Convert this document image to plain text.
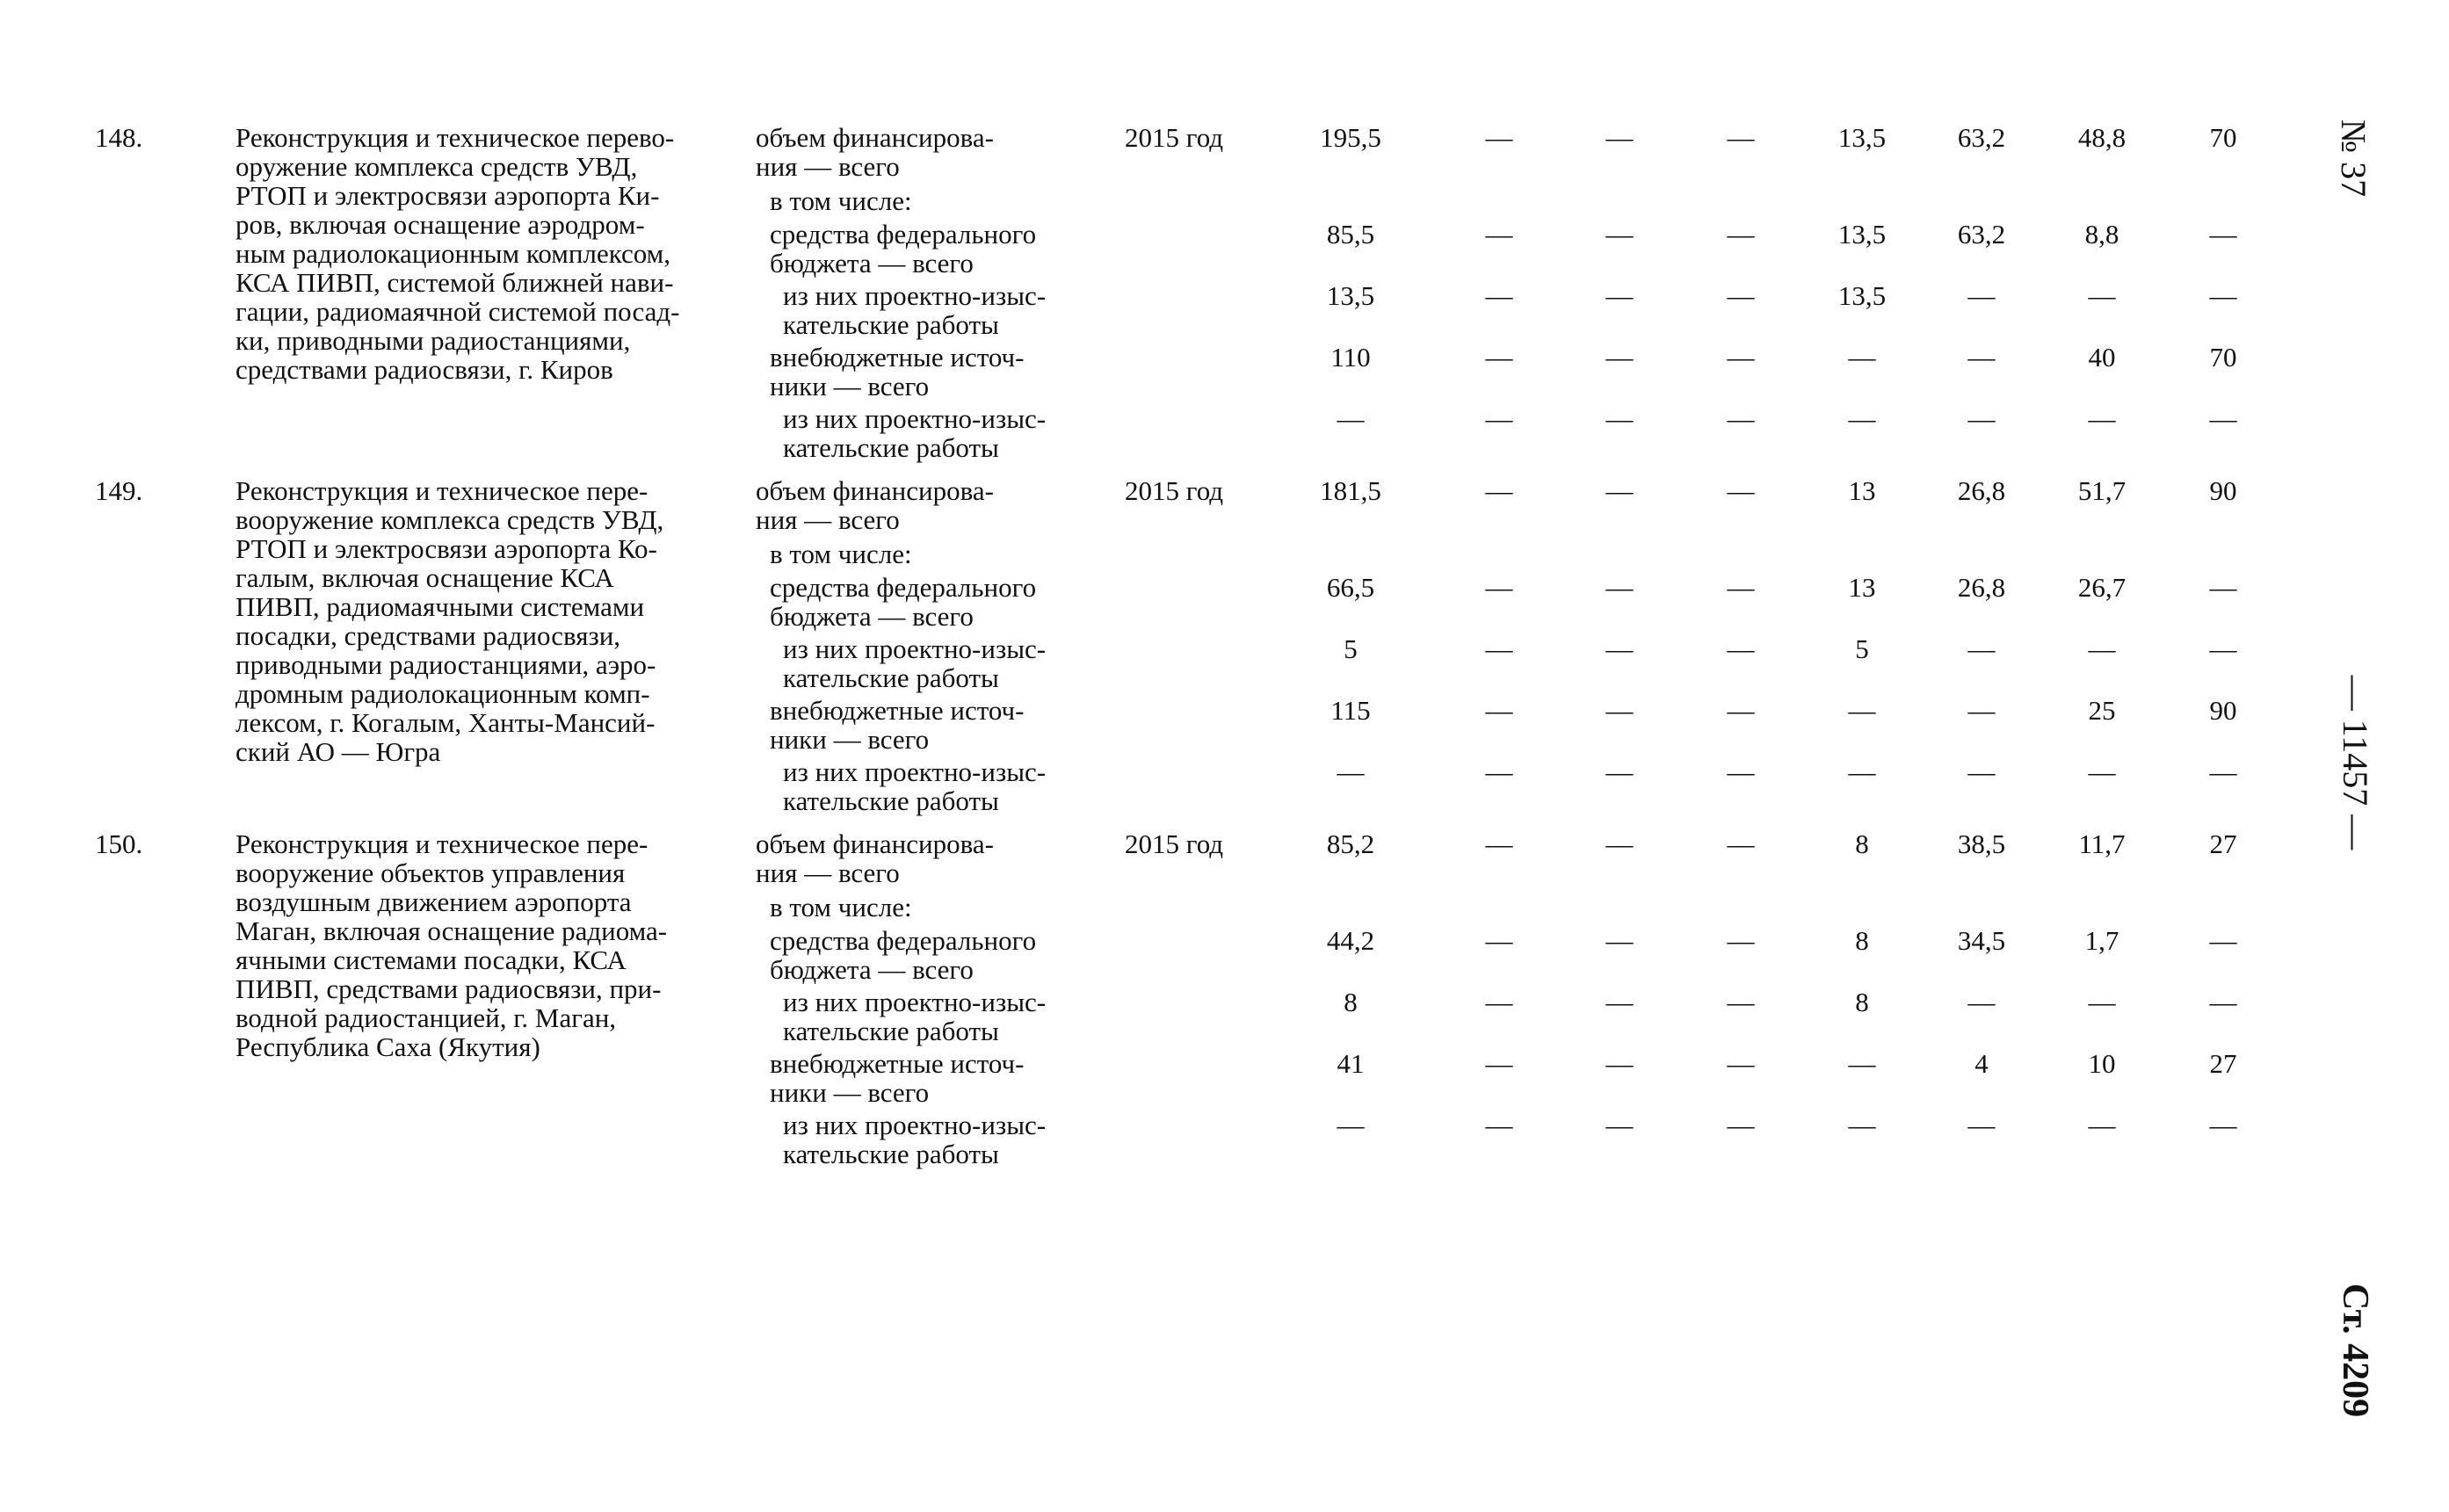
№ 37
— 11457 —
Ст. 4209
148.	Реконструкция и техническое перево-
оружение комплекса средств УВД,
РТОП и электросвязи аэропорта Ки-
ров, включая оснащение аэродром-
ным радиолокационным комплексом,
КСА ПИВП, системой ближней нави-
гации, радиомаячной системой посад-
ки, приводными радиостанциями,
средствами радиосвязи, г. Киров
2015 год
объем финансирова-
ния — всего
195,5	—	—	—	13,5	63,2	48,8	70
в том числе:
средства федерального
бюджета — всего
85,5	—	—	—	13,5	63,2	8,8	—
из них проектно-изыс-
кательские работы
13,5	—	—	—	13,5	—	—	—
внебюджетные источ-
ники — всего
110	—	—	—	—	—	40	70
из них проектно-изыс-
кательские работы
—	—	—	—	—	—	—	—
149.	Реконструкция и техническое пере-
вооружение комплекса средств УВД,
РТОП и электросвязи аэропорта Ко-
галым, включая оснащение КСА
ПИВП, радиомаячными системами
посадки, средствами радиосвязи,
приводными радиостанциями, аэро-
дромным радиолокационным комп-
лексом, г. Когалым, Ханты-Мансий-
ский АО — Югра
2015 год
объем финансирова-
ния — всего
181,5	—	—	—	13	26,8	51,7	90
в том числе:
средства федерального
бюджета — всего
66,5	—	—	—	13	26,8	26,7	—
из них проектно-изыс-
кательские работы
5	—	—	—	5	—	—	—
внебюджетные источ-
ники — всего
115	—	—	—	—	—	25	90
из них проектно-изыс-
кательские работы
—	—	—	—	—	—	—	—
150.	Реконструкция и техническое пере-
вооружение объектов управления
воздушным движением аэропорта
Маган, включая оснащение радиома-
ячными системами посадки, КСА
ПИВП, средствами радиосвязи, при-
водной радиостанцией, г. Маган,
Республика Саха (Якутия)
2015 год
объем финансирова-
ния — всего
85,2	—	—	—	8	38,5	11,7	27
в том числе:
средства федерального
бюджета — всего
44,2	—	—	—	8	34,5	1,7	—
из них проектно-изыс-
кательские работы
8	—	—	—	8	—	—	—
внебюджетные источ-
ники — всего
41	—	—	—	—	4	10	27
из них проектно-изыс-
кательские работы
—	—	—	—	—	—	—	—
